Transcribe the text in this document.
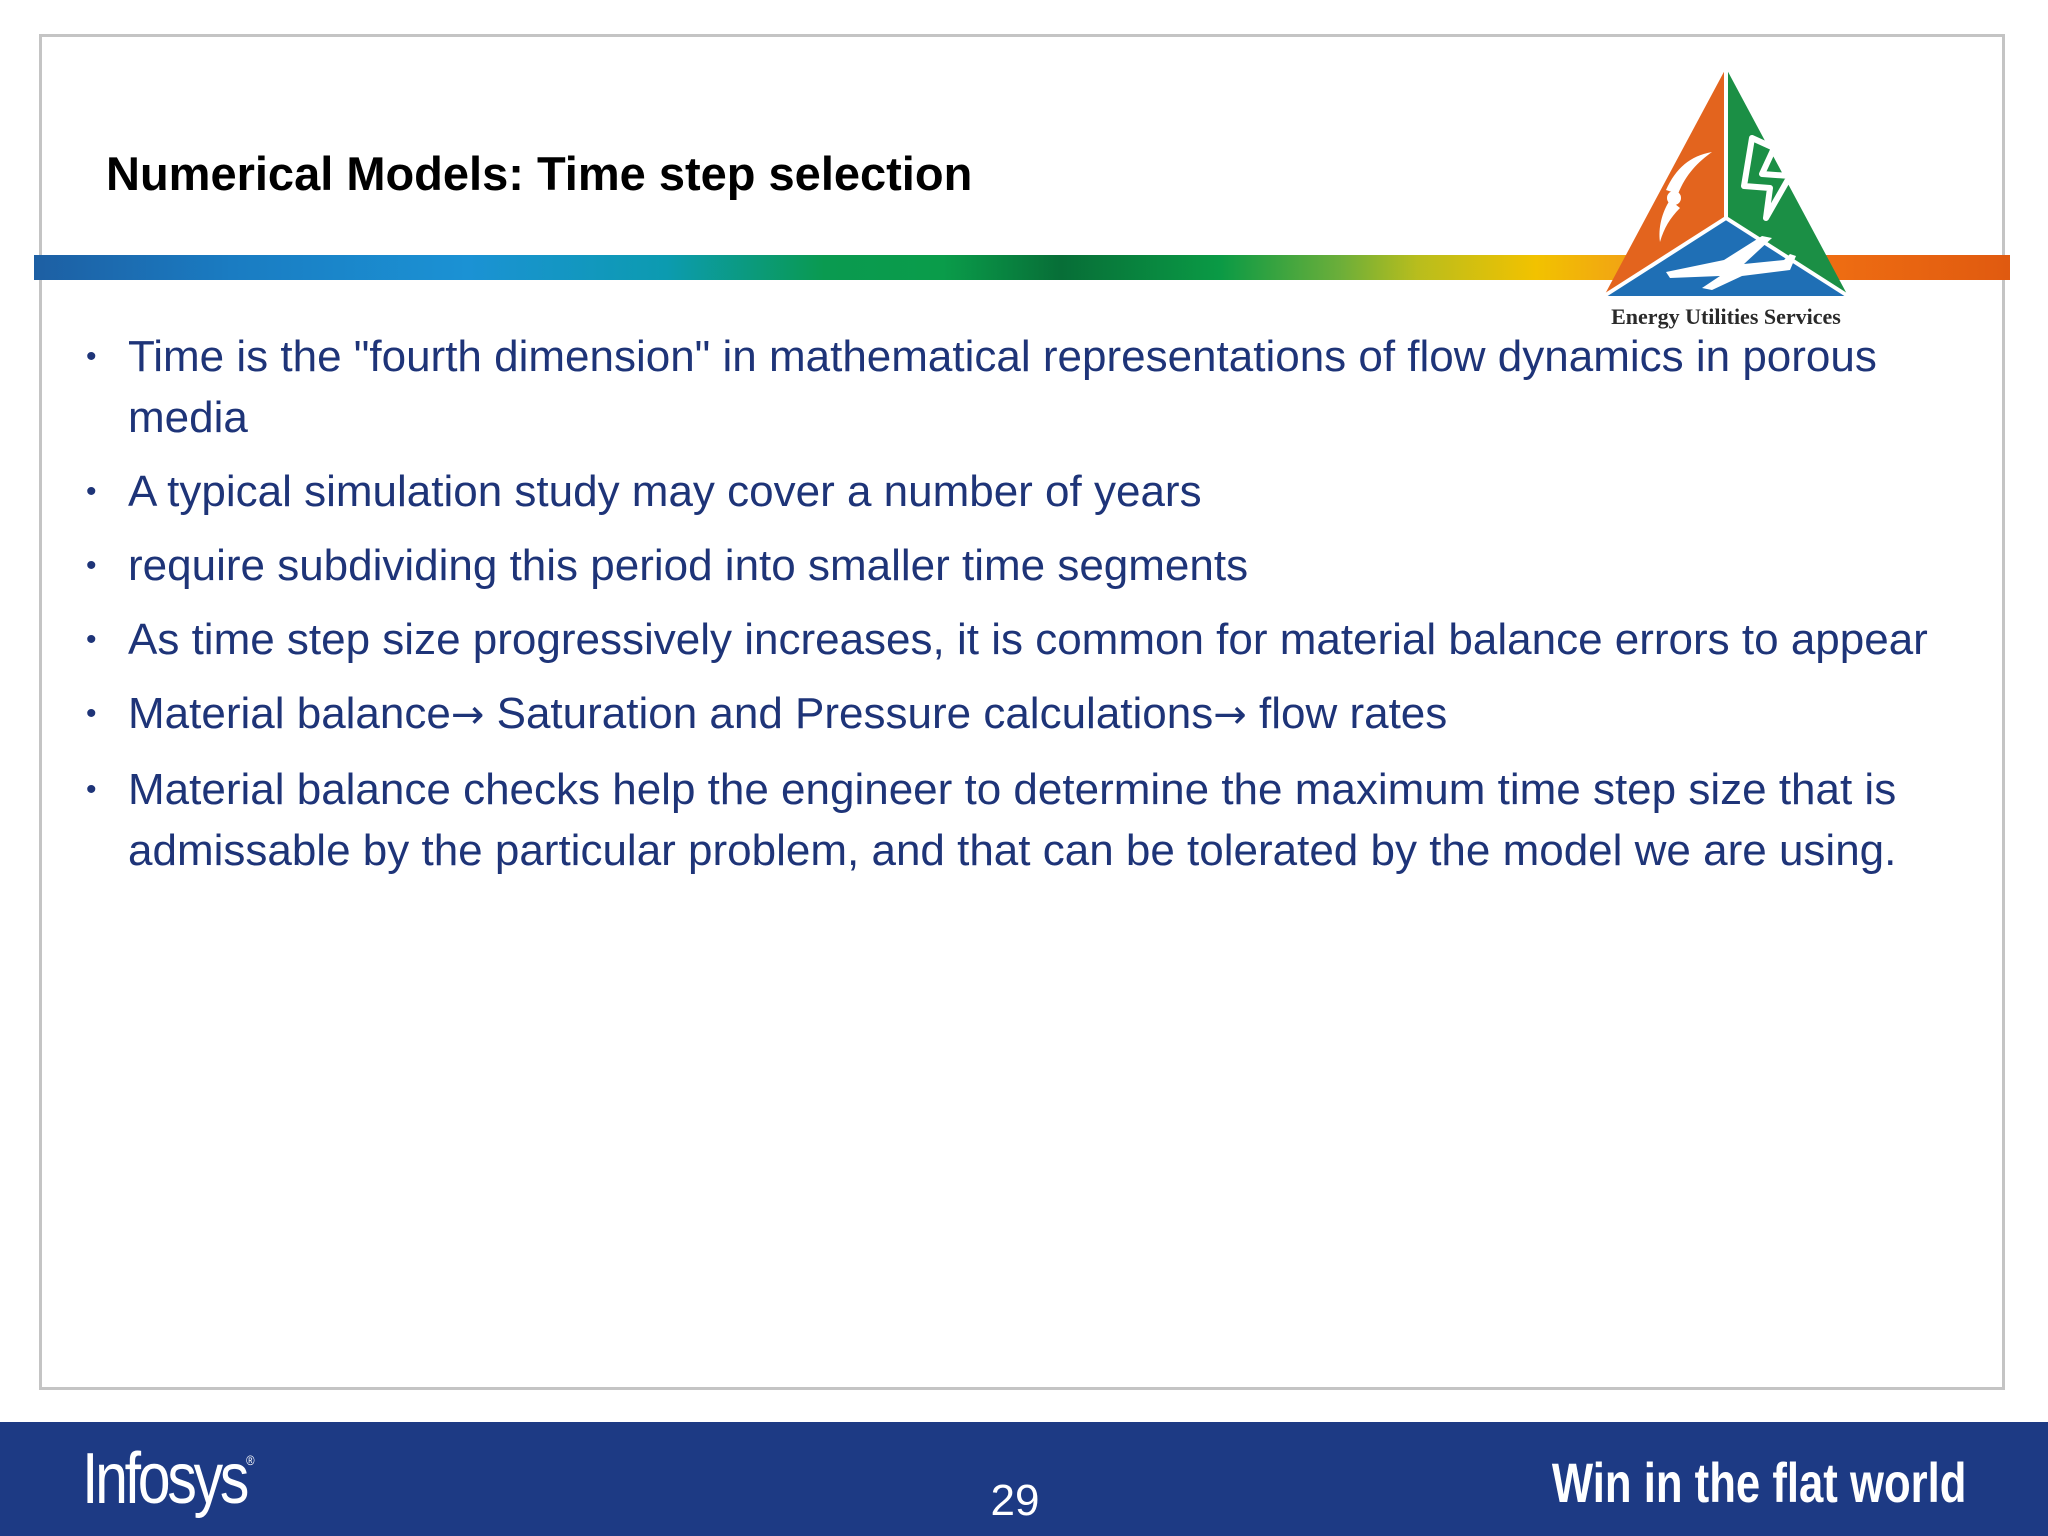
Numerical Models: Time step selection
Energy Utilities Services
• Time is the "fourth dimension" in mathematical representations of flow dynamics in porous media
• A typical simulation study may cover a number of years
• require subdividing this period into smaller time segments
• As time step size progressively increases, it is common for material balance errors to appear
• Material balance→ Saturation and Pressure calculations→ flow rates
• Material balance checks help the engineer to determine the maximum time step size that is admissable by the particular problem, and that can be tolerated by the model we are using.
Infosys®
29	Win in the flat world
